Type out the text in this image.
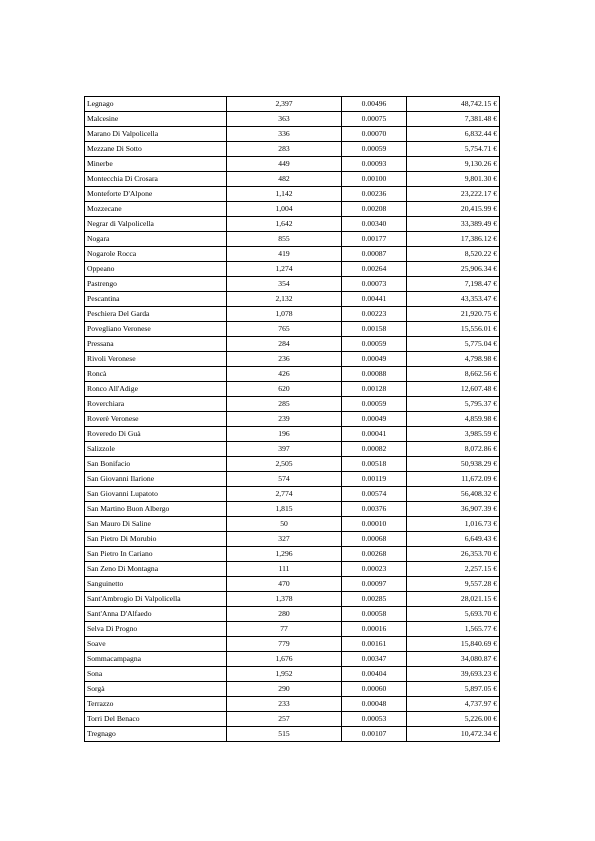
Legnago	2,397	0.00496	48,742.15 €
Malcesine	363	0.00075	7,381.48 €
Marano Di Valpolicella	336	0.00070	6,832.44 €
Mezzane Di Sotto	283	0.00059	5,754.71 €
Minerbe	449	0.00093	9,130.26 €
Montecchia Di Crosara	482	0.00100	9,801.30 €
Monteforte D'Alpone	1,142	0.00236	23,222.17 €
Mozzecane	1,004	0.00208	20,415.99 €
Negrar di Valpolicella	1,642	0.00340	33,389.49 €
Nogara	855	0.00177	17,386.12 €
Nogarole Rocca	419	0.00087	8,520.22 €
Oppeano	1,274	0.00264	25,906.34 €
Pastrengo	354	0.00073	7,198.47 €
Pescantina	2,132	0.00441	43,353.47 €
Peschiera Del Garda	1,078	0.00223	21,920.75 €
Povegliano Veronese	765	0.00158	15,556.01 €
Pressana	284	0.00059	5,775.04 €
Rivoli Veronese	236	0.00049	4,798.98 €
Roncà	426	0.00088	8,662.56 €
Ronco All'Adige	620	0.00128	12,607.48 €
Roverchiara	285	0.00059	5,795.37 €
Roverè Veronese	239	0.00049	4,859.98 €
Roveredo Di Guà	196	0.00041	3,985.59 €
Salizzole	397	0.00082	8,072.86 €
San Bonifacio	2,505	0.00518	50,938.29 €
San Giovanni Ilarione	574	0.00119	11,672.09 €
San Giovanni Lupatoto	2,774	0.00574	56,408.32 €
San Martino Buon Albergo	1,815	0.00376	36,907.39 €
San Mauro Di Saline	50	0.00010	1,016.73 €
San Pietro Di Morubio	327	0.00068	6,649.43 €
San Pietro In Cariano	1,296	0.00268	26,353.70 €
San Zeno Di Montagna	111	0.00023	2,257.15 €
Sanguinetto	470	0.00097	9,557.28 €
Sant'Ambrogio Di Valpolicella	1,378	0.00285	28,021.15 €
Sant'Anna D'Alfaedo	280	0.00058	5,693.70 €
Selva Di Progno	77	0.00016	1,565.77 €
Soave	779	0.00161	15,840.69 €
Sommacampagna	1,676	0.00347	34,080.87 €
Sona	1,952	0.00404	39,693.23 €
Sorgà	290	0.00060	5,897.05 €
Terrazzo	233	0.00048	4,737.97 €
Torri Del Benaco	257	0.00053	5,226.00 €
Tregnago	515	0.00107	10,472.34 €
